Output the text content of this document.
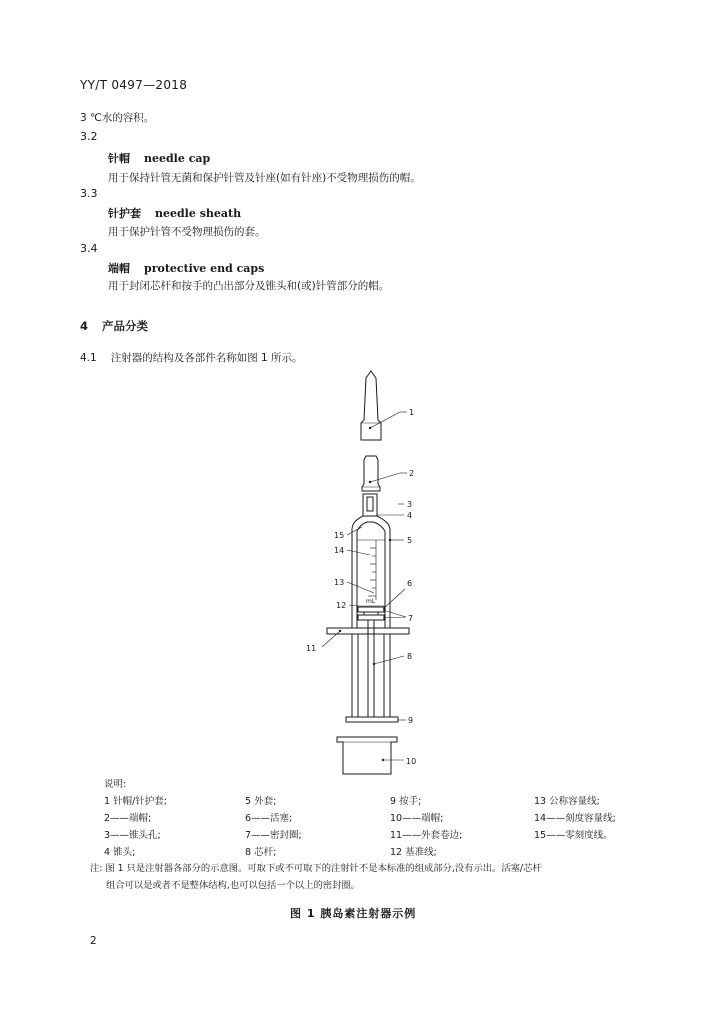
YY/T 0497—2018
3 ℃水的容积。
3.2
针帽 needle cap
用于保持针管无菌和保护针管及针座(如有针座)不受物理损伤的帽。
3.3
针护套 needle sheath
用于保护针管不受物理损伤的套。
3.4
端帽 protective end caps
用于封闭芯杆和按手的凸出部分及锥头和(或)针管部分的帽。
4 产品分类
4.1 注射器的结构及各部件名称如图 1 所示。
mL
1
2
3
4
5
6
7
8
9
10
11
12
13
14
15
说明:
1 针帽/针护套;	5 外套;	9 按手;	13 公称容量线;
2——端帽;	6——活塞;	10——端帽;	14——刻度容量线;
3——锥头孔;	7——密封圈;	11——外套卷边;	15——零刻度线。
4 锥头;	8 芯杆;	12 基准线;
注: 图 1 只是注射器各部分的示意图。可取下或不可取下的注射针不是本标准的组成部分,没有示出。活塞/芯杆
组合可以是或者不是整体结构,也可以包括一个以上的密封圈。
图 1 胰岛素注射器示例
2
